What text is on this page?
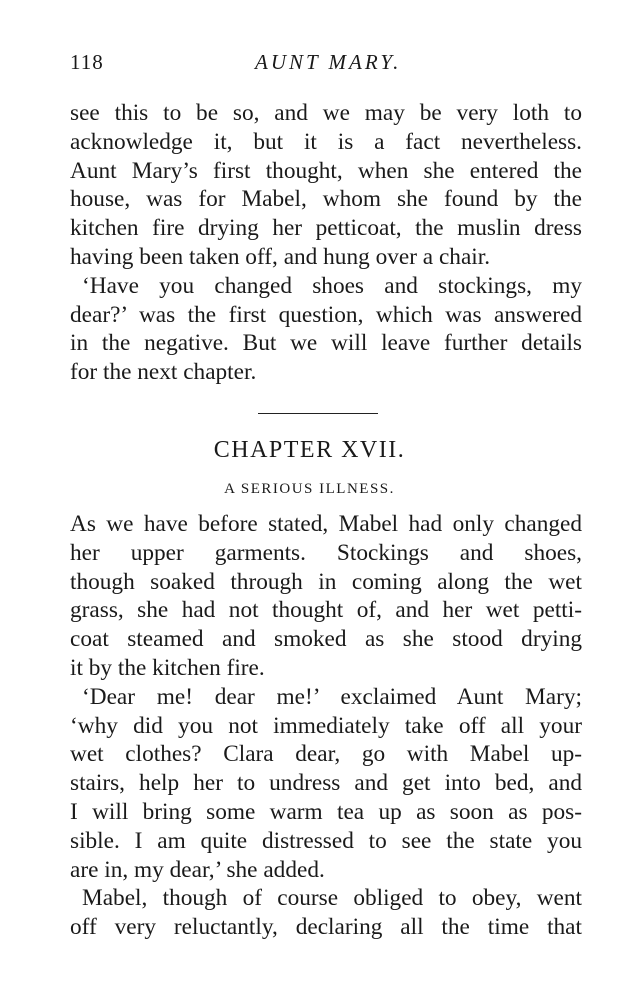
118	AUNT MARY.

see this to be so, and we may be very loth to

acknowledge it, but it is a fact nevertheless.

Aunt Mary’s first thought, when she entered the

house, was for Mabel, whom she found by the

kitchen fire drying her petticoat, the muslin dress

having been taken off, and hung over a chair.

‘Have you changed shoes and stockings, my

dear?’ was the first question, which was answered

in the negative. But we will leave further details

for the next chapter.

CHAPTER XVII.
A SERIOUS ILLNESS.

As we have before stated, Mabel had only changed

her upper garments. Stockings and shoes,

though soaked through in coming along the wet

grass, she had not thought of, and her wet petti-

coat steamed and smoked as she stood drying

it by the kitchen fire.

‘Dear me! dear me!’ exclaimed Aunt Mary;

‘why did you not immediately take off all your

wet clothes? Clara dear, go with Mabel up-

stairs, help her to undress and get into bed, and

I will bring some warm tea up as soon as pos-

sible. I am quite distressed to see the state you

are in, my dear,’ she added.

Mabel, though of course obliged to obey, went

off very reluctantly, declaring all the time that
